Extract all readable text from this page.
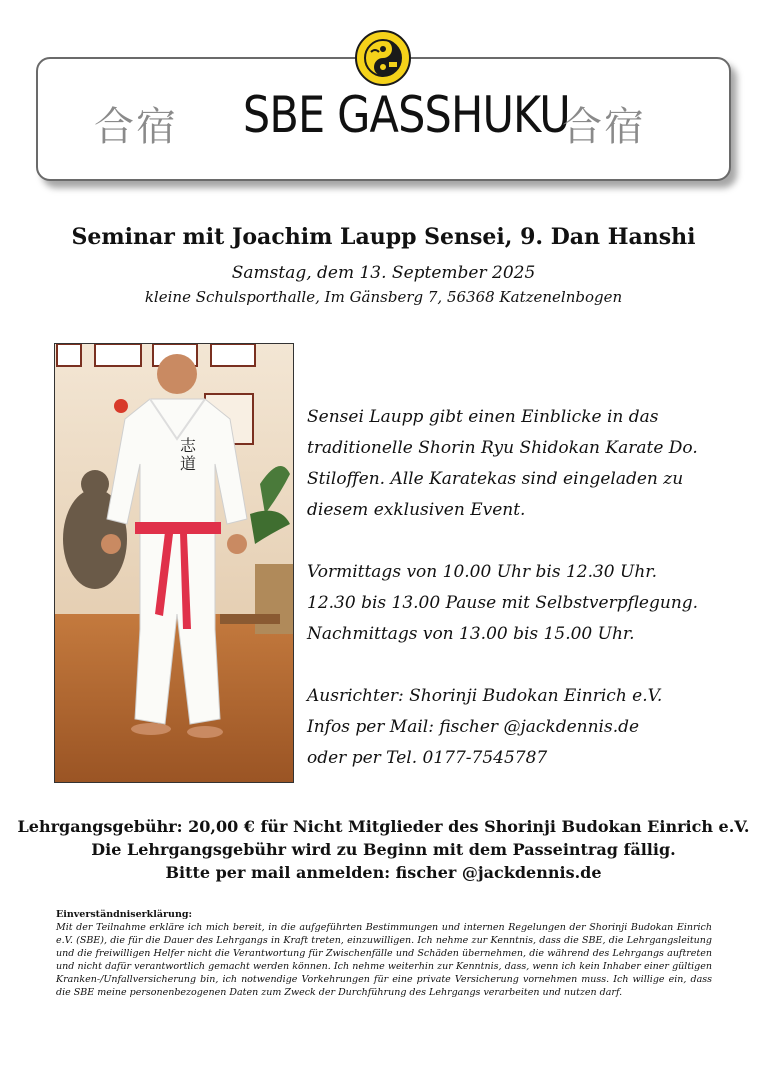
合宿 SBE GASSHUKU
合宿
Seminar mit Joachim Laupp Sensei, 9. Dan Hanshi
Samstag, dem 13. September 2025
kleine Schulsporthalle, Im Gänsberg 7, 56368 Katzenelnbogen
志道

Sensei Laupp gibt einen Einblicke in das

traditionelle Shorin Ryu Shidokan Karate Do.

Stiloffen. Alle Karatekas sind eingeladen zu

diesem exklusiven Event.

Vormittags von 10.00 Uhr bis 12.30 Uhr.

12.30 bis 13.00 Pause mit Selbstverpflegung.

Nachmittags von 13.00 bis 15.00 Uhr.

Ausrichter: Shorinji Budokan Einrich e.V.

Infos per Mail: fischer @jackdennis.de

oder per Tel. 0177-7545787

Lehrgangsgebühr: 20,00 € für Nicht Mitglieder des Shorinji Budokan Einrich e.V.

Die Lehrgangsgebühr wird zu Beginn mit dem Passeintrag fällig.

Bitte per mail anmelden: fischer @jackdennis.de

Einverständniserklärung:

Mit der Teilnahme erkläre ich mich bereit, in die aufgeführten Bestimmungen und internen Regelungen der Shorinji Budokan Einrich e.V. (SBE), die für die Dauer des Lehrgangs in Kraft treten, einzuwilligen. Ich nehme zur Kenntnis, dass die SBE, die Lehrgangsleitung und die freiwilligen Helfer nicht die Verantwortung für Zwischenfälle und Schäden übernehmen, die während des Lehrgangs auftreten und nicht dafür verantwortlich gemacht werden können. Ich nehme weiterhin zur Kenntnis, dass, wenn ich kein Inhaber einer gültigen Kranken-/Unfallversicherung bin, ich notwendige Vorkehrungen für eine private Versicherung vornehmen muss. Ich willige ein, dass die SBE meine personenbezogenen Daten zum Zweck der Durchführung des Lehrgangs verarbeiten und nutzen darf.
